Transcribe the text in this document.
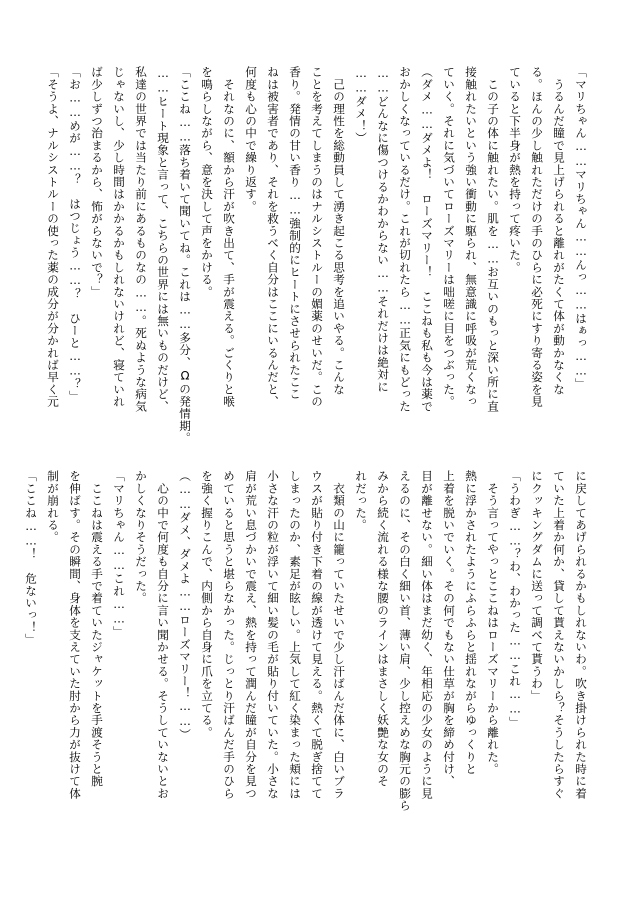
「マリちゃん……マリちゃん……んっ……はぁっ……」
　うるんだ瞳で見上げられると離れがたくて体が動かなくな
る。ほんの少し触れただけの手のひらに必死にすり寄る姿を見
ていると下半身が熱を持って疼いた。
　この子の体に触れたい。肌を……お互いのもっと深い所に直
接触れたいという強い衝動に駆られ、無意識に呼吸が荒くなっ
ていく。それに気づいてローズマリーは咄嗟に目をつぶった。
（ダメ……ダメよ！　ローズマリー！　ここねも私も今は薬で
おかしくなっているだけ。これが切れたら……正気にもどった
……どんなに傷つけるかわからない……それだけは絶対に
……ダメ！）
　己の理性を総動員して湧き起こる思考を追いやる。こんな
ことを考えてしまうのはナルシストルーの媚薬のせいだ。この
香り。発情の甘い香り……強制的にヒートにさせられたここ
ねは被害者であり、それを救うべく自分はここにいるんだと、
何度も心の中で繰り返す。
　それなのに、額から汗が吹き出て、手が震える。ごくりと喉
を鳴らしながら、意を決して声をかける。
「ここね……落ち着いて聞いてね。これは……多分、Ωの発情期。
……ヒート現象と言って、こちらの世界には無いものだけど、
私達の世界では当たり前にあるものなの……。死ぬような病気
じゃないし、少し時間はかかるかもしれないけれど、寝ていれ
ば少しずつ治まるから、怖がらないで？」
「お……めが……？　はつじょう……？　ひーと……？」
「そうよ、ナルシストルーの使った薬の成分が分かれば早く元
に戻してあげられるかもしれないわ。吹き掛けられた時に着
ていた上着か何か、貸して貰えないかしら？そうしたらすぐ
にクッキングダムに送って調べて貰うわ」
「うわぎ……？わ、わかった……これ……」
　そう言ってやっとここねはローズマリーから離れた。
熱に浮かされたようにふらふらと揺れながらゆっくりと
上着を脱いでいく。その何でもない仕草が胸を締め付け、
目が離せない。細い体はまだ幼く、年相応の少女のように見
えるのに、その白く細い首、薄い肩、少し控えめな胸元の膨ら
みから続く流れる様な腰のラインはまさしく妖艶な女のそ
れだった。
　衣類の山に籠っていたせいで少し汗ばんだ体に、白いブラ
ウスが貼り付き下着の線が透けて見える。熱くて脱ぎ捨てて
しまったのか、素足が眩しい。上気して紅く染まった頬には
小さな汗の粒が浮いて細い髪の毛が貼り付いていた。小さな
肩が荒い息づかいで震え、熱を持って潤んだ瞳が自分を見つ
めていると思うと堪らなかった。じっとり汗ばんだ手のひら
を強く握りこんで、内側から自身に爪を立てる。
（……ダメ、ダメよ……ローズマリー！……）
　心の中で何度も自分に言い聞かせる。そうしていないとお
かしくなりそうだった。
「マリちゃん……これ……」
　ここねは震える手で着ていたジャケットを手渡そうと腕
を伸ばす。その瞬間、身体を支えていた肘から力が抜けて体
制が崩れる。
「ここね……！　危ないっ！」
